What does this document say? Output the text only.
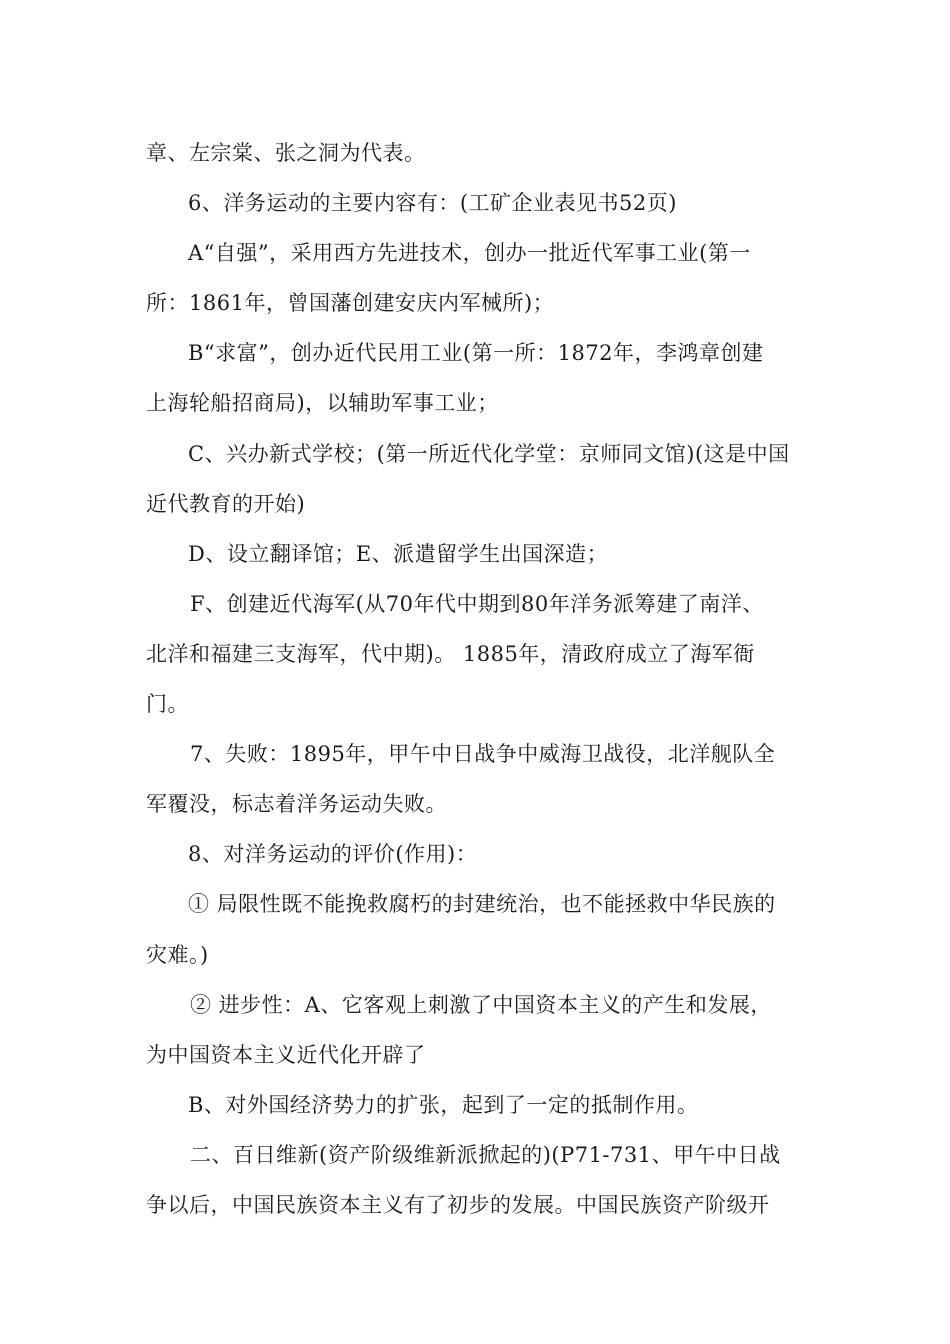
章、左宗棠、张之洞为代表。
6、洋务运动的主要内容有：(工矿企业表见书52页)
A“自强”，采用西方先进技术，创办一批近代军事工业(第一
所：1861年，曾国藩创建安庆内军械所)；
B“求富”，创办近代民用工业(第一所：1872年，李鸿章创建
上海轮船招商局)，以辅助军事工业；
C、兴办新式学校；(第一所近代化学堂：京师同文馆)(这是中国
近代教育的开始)
D、设立翻译馆；E、派遣留学生出国深造；
F、创建近代海军(从70年代中期到80年洋务派筹建了南洋、
北洋和福建三支海军，代中期)。 1885年，清政府成立了海军衙
门。
7、失败：1895年，甲午中日战争中威海卫战役，北洋舰队全
军覆没，标志着洋务运动失败。
8、对洋务运动的评价(作用)：
① 局限性既不能挽救腐朽的封建统治，也不能拯救中华民族的
灾难。)
② 进步性：A、它客观上刺激了中国资本主义的产生和发展，
为中国资本主义近代化开辟了
B、对外国经济势力的扩张，起到了一定的抵制作用。
二、百日维新(资产阶级维新派掀起的)(P71-731、甲午中日战
争以后，中国民族资本主义有了初步的发展。中国民族资产阶级开
